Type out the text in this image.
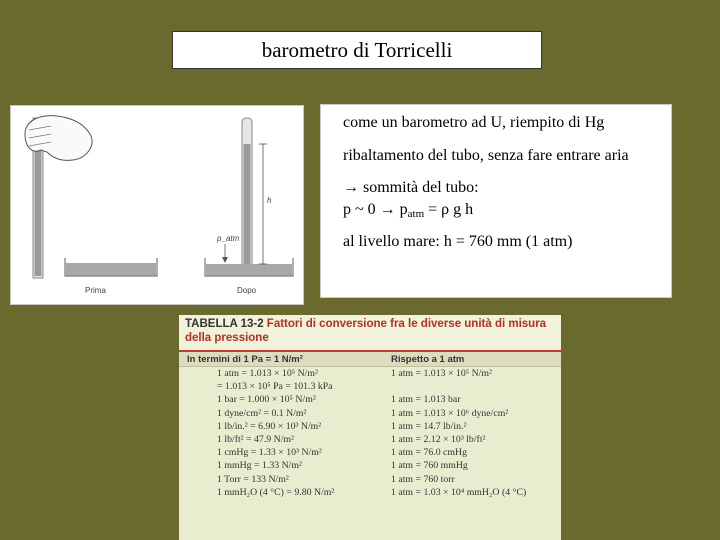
barometro di Torricelli
h
p_atm
Prima	Dopo
come un barometro ad U, riempito di Hg
ribaltamento del tubo, senza fare entrare aria
→ sommità del tubo:
p ~ $0 \to p_{atm} = \rho$ g h
al livello mare: h = 760 mm (1 atm)
TABELLA 13-2 Fattori di conversione fra le diverse unità di misura della pressione
In termini di 1 Pa = 1 N/m²	Rispetto a 1 atm
1 atm = 1.013 × 10⁵ N/m²	1 atm = 1.013 × 10⁵ N/m²
= 1.013 × 10⁵ Pa = 101.3 kPa
1 bar = 1.000 × 10⁵ N/m²	1 atm = 1.013 bar
1 dyne/cm² = 0.1 N/m²	1 atm = 1.013 × 10⁶ dyne/cm²
1 lb/in.² = 6.90 × 10³ N/m²	1 atm = 14.7 lb/in.²
1 lb/ft² = 47.9 N/m²	1 atm = 2.12 × 10³ lb/ft²
1 cmHg = 1.33 × 10³ N/m²	1 atm = 76.0 cmHg
1 mmHg = 1.33 N/m²	1 atm = 760 mmHg
1 Torr = 133 N/m²	1 atm = 760 torr
1 mmH₂O (4 °C) = 9.80 N/m²	1 atm = 1.03 × 10⁴ mmH₂O (4 °C)
